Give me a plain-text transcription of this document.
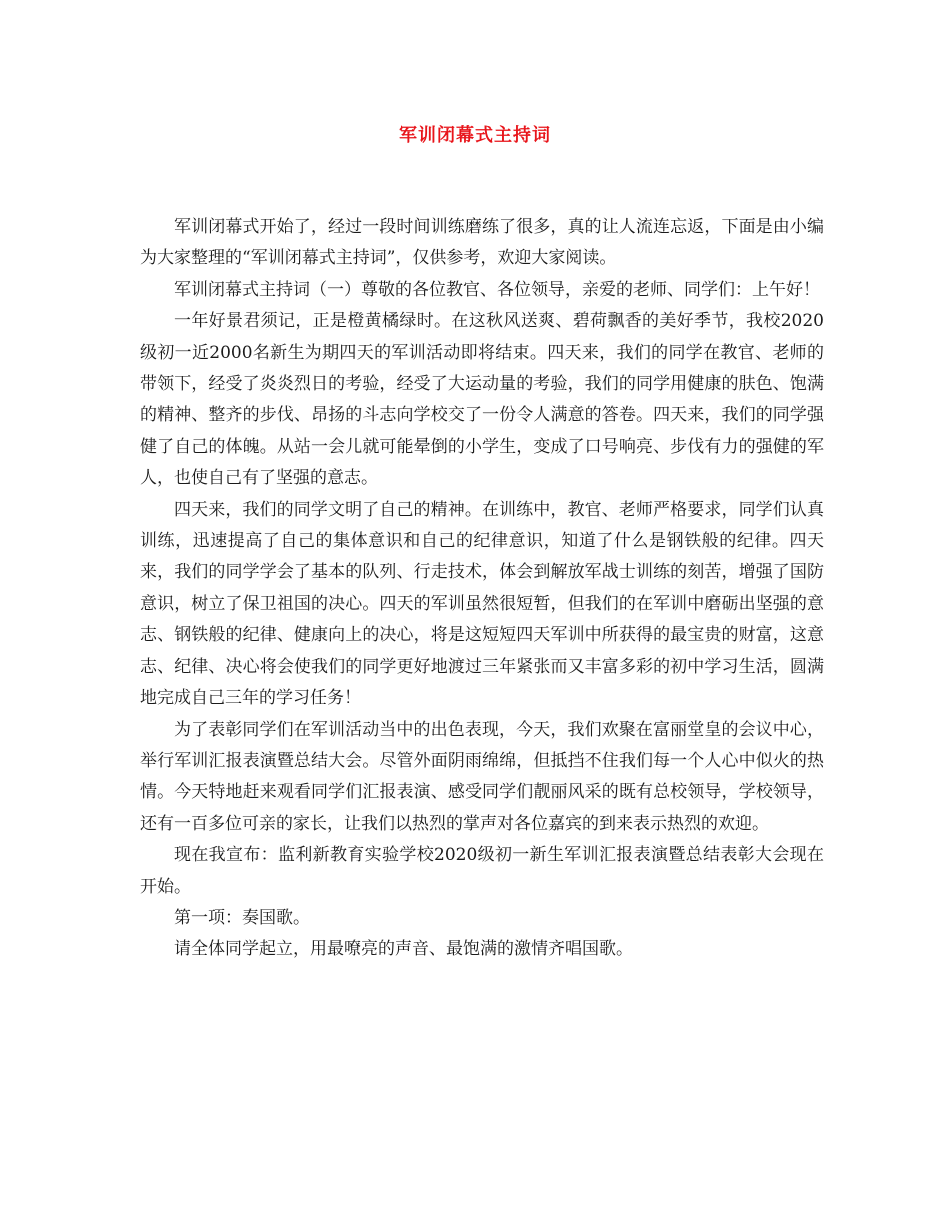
军训闭幕式主持词

军训闭幕式开始了，经过一段时间训练磨练了很多，真的让人流连忘返，下面是由小编为大家整理的“军训闭幕式主持词”，仅供参考，欢迎大家阅读。

军训闭幕式主持词（一）尊敬的各位教官、各位领导，亲爱的老师、同学们：上午好！

一年好景君须记，正是橙黄橘绿时。在这秋风送爽、碧荷飘香的美好季节，我校2020级初一近2000名新生为期四天的军训活动即将结束。四天来，我们的同学在教官、老师的带领下，经受了炎炎烈日的考验，经受了大运动量的考验，我们的同学用健康的肤色、饱满的精神、整齐的步伐、昂扬的斗志向学校交了一份令人满意的答卷。四天来，我们的同学强健了自己的体魄。从站一会儿就可能晕倒的小学生，变成了口号响亮、步伐有力的强健的军人，也使自己有了坚强的意志。

四天来，我们的同学文明了自己的精神。在训练中，教官、老师严格要求，同学们认真训练，迅速提高了自己的集体意识和自己的纪律意识，知道了什么是钢铁般的纪律。四天来，我们的同学学会了基本的队列、行走技术，体会到解放军战士训练的刻苦，增强了国防意识，树立了保卫祖国的决心。四天的军训虽然很短暂，但我们的在军训中磨砺出坚强的意志、钢铁般的纪律、健康向上的决心，将是这短短四天军训中所获得的最宝贵的财富，这意志、纪律、决心将会使我们的同学更好地渡过三年紧张而又丰富多彩的初中学习生活，圆满地完成自己三年的学习任务！

为了表彰同学们在军训活动当中的出色表现，今天，我们欢聚在富丽堂皇的会议中心，举行军训汇报表演暨总结大会。尽管外面阴雨绵绵，但抵挡不住我们每一个人心中似火的热情。今天特地赶来观看同学们汇报表演、感受同学们靓丽风采的既有总校领导，学校领导，还有一百多位可亲的家长，让我们以热烈的掌声对各位嘉宾的到来表示热烈的欢迎。

现在我宣布：监利新教育实验学校2020级初一新生军训汇报表演暨总结表彰大会现在开始。

第一项：奏国歌。

请全体同学起立，用最嘹亮的声音、最饱满的激情齐唱国歌。
